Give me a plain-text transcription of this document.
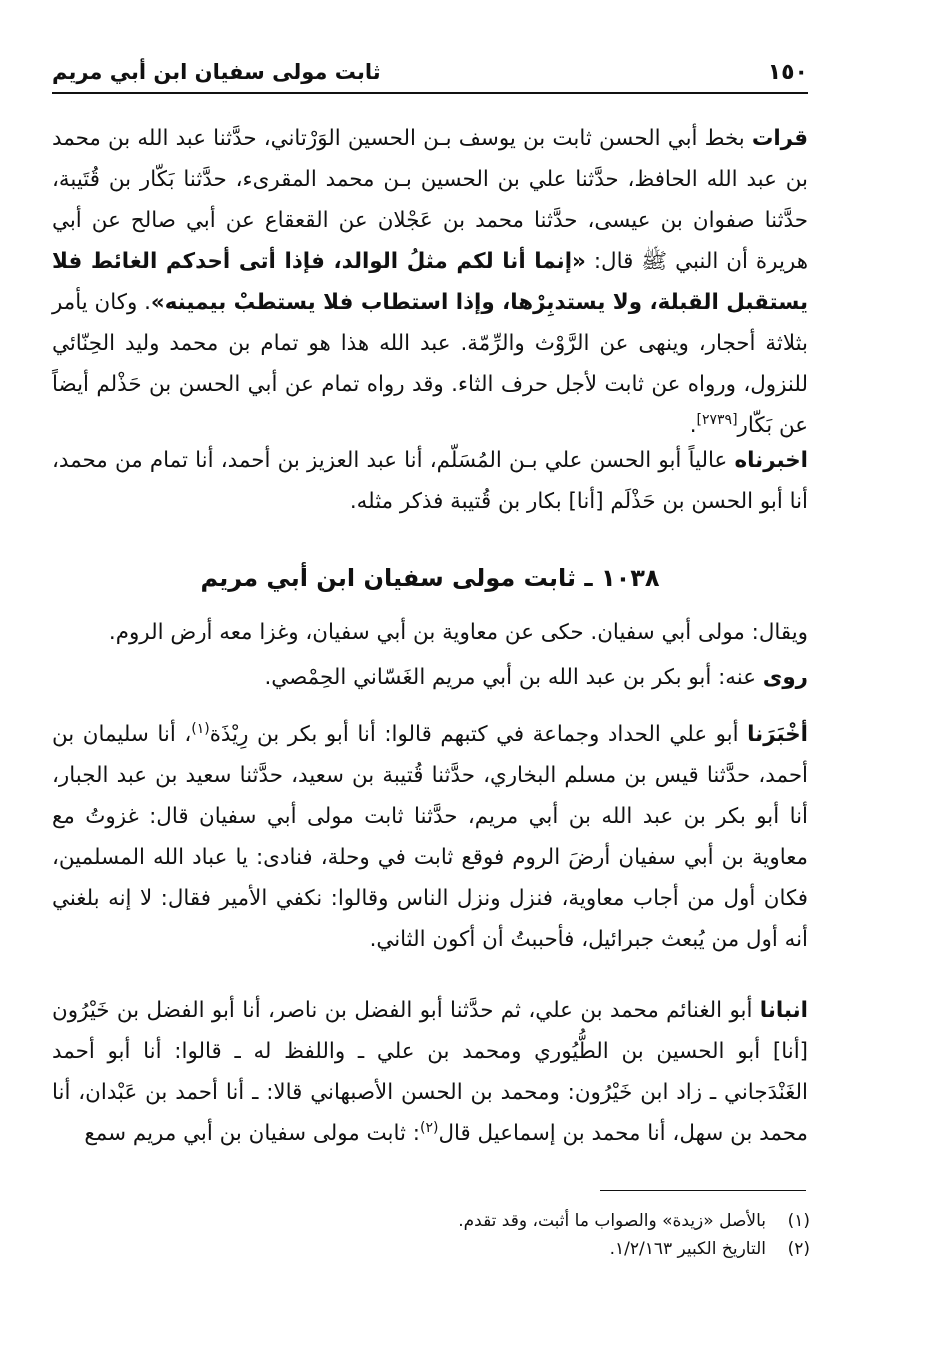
١٥٠
ثابت مولى سفيان ابن أبي مريم

قرات بخط أبي الحسن ثابت بن يوسف بـن الحسين الوَرْتاني، حدَّثنا عبد الله بن محمد بن عبد الله الحافظ، حدَّثنا علي بن الحسين بـن محمد المقرىء، حدَّثنا بَكّار بن قُتَيبة، حدَّثنا صفوان بن عيسى، حدَّثنا محمد بن عَجْلان عن القعقاع عن أبي صالح عن أبي هريرة أن النبي ﷺ قال: «إنما أنا لكم مثلُ الوالد، فإذا أتى أحدكم الغائط فلا يستقبل القبلة، ولا يستدبِرْها، وإذا استطاب فلا يستطبْ بيمينه». وكان يأمر بثلاثة أحجار، وينهى عن الرَّوْث والرِّمّة. عبد الله هذا هو تمام بن محمد وليد الحِنّائي للنزول، ورواه عن ثابت لأجل حرف الثاء. وقد رواه تمام عن أبي الحسن بن حَذْلم أيضاً عن بَكّار[٢٧٣٩].

اخبرناه عالياً أبو الحسن علي بـن المُسَلّم، أنا عبد العزيز بن أحمد، أنا تمام من محمد، أنا أبو الحسن بن حَذْلَم [أنا] بكار بن قُتيبة فذكر مثله.

١٠٣٨ ـ ثابت مولى سفيان ابن أبي مريم

ويقال: مولى أبي سفيان. حكى عن معاوية بن أبي سفيان، وغزا معه أرض الروم.

روى عنه: أبو بكر بن عبد الله بن أبي مريم الغَسّاني الحِمْصي.

أخْبَرَنا أبو علي الحداد وجماعة في كتبهم قالوا: أنا أبو بكر بن رِيْذَة$^{(١)}$، أنا سليمان بن أحمد، حدَّثنا قيس بن مسلم البخاري، حدَّثنا قُتيبة بن سعيد، حدَّثنا سعيد بن عبد الجبار، أنا أبو بكر بن عبد الله بن أبي مريم، حدَّثنا ثابت مولى أبي سفيان قال: غزوتُ مع معاوية بن أبي سفيان أرضَ الروم فوقع ثابت في وحلة، فنادى: يا عباد الله المسلمين، فكان أول من أجاب معاوية، فنزل ونزل الناس وقالوا: نكفي الأمير فقال: لا إنه بلغني أنه أول من يُبعث جبرائيل، فأحببتُ أن أكون الثاني.

انبانا أبو الغنائم محمد بن علي، ثم حدَّثنا أبو الفضل بن ناصر، أنا أبو الفضل بن خَيْرُون [أنا] أبو الحسين بن الطُّيُوري ومحمد بن علي ـ واللفظ له ـ قالوا: أنا أبو أحمد الغَنْدَجاني ـ زاد ابن خَيْرُون: ومحمد بن الحسن الأصبهاني قالا: ـ أنا أحمد بن عَبْدان، أنا محمد بن سهل، أنا محمد بن إسماعيل قال$^{(٢)}$: ثابت مولى سفيان بن أبي مريم سمع

(١)
بالأصل «زيدة» والصواب ما أثبت، وقد تقدم.
(٢)
التاريخ الكبير ١/٢/١٦٣.
